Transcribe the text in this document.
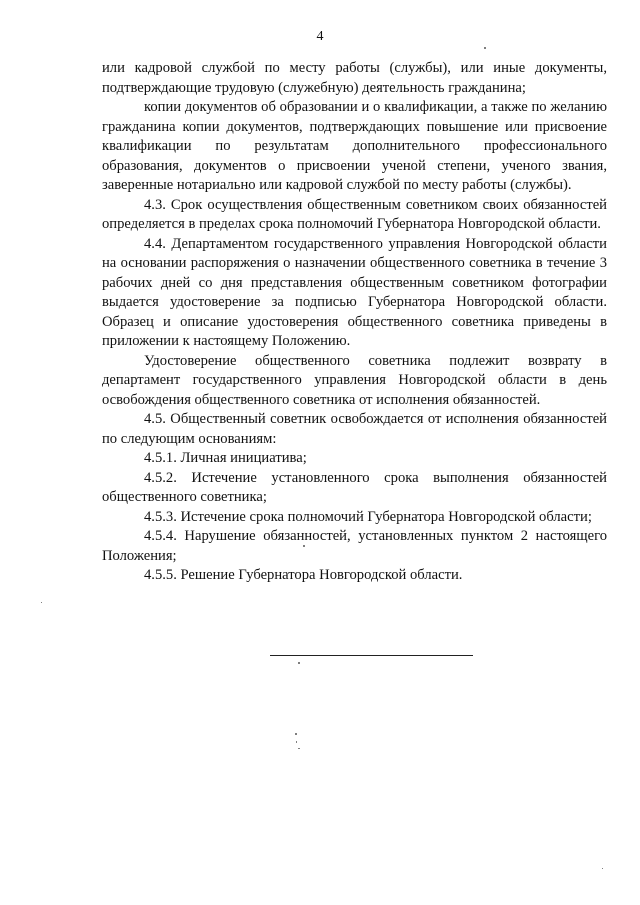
4

или кадровой службой по месту работы (службы), или иные документы, подтверждающие трудовую (служебную) деятельность гражданина;

копии документов об образовании и о квалификации, а также по желанию гражданина копии документов, подтверждающих повышение или присвоение квалификации по результатам дополнительного профессионального образования, документов о присвоении ученой степени, ученого звания, заверенные нотариально или кадровой службой по месту работы (службы).

4.3. Срок осуществления общественным советником своих обязанностей определяется в пределах срока полномочий Губернатора Новгородской области.

4.4. Департаментом государственного управления Новгородской области на основании распоряжения о назначении общественного советника в течение 3 рабочих дней со дня представления общественным советником фотографии выдается удостоверение за подписью Губернатора Новгородской области. Образец и описание удостоверения общественного советника приведены в приложении к настоящему Положению.

Удостоверение общественного советника подлежит возврату в департамент государственного управления Новгородской области в день освобождения общественного советника от исполнения обязанностей.

4.5. Общественный советник освобождается от исполнения обязанностей по следующим основаниям:

4.5.1. Личная инициатива;

4.5.2. Истечение установленного срока выполнения обязанностей общественного советника;

4.5.3. Истечение срока полномочий Губернатора Новгородской области;

4.5.4. Нарушение обязанностей, установленных пунктом 2 настоящего Положения;

4.5.5. Решение Губернатора Новгородской области.
